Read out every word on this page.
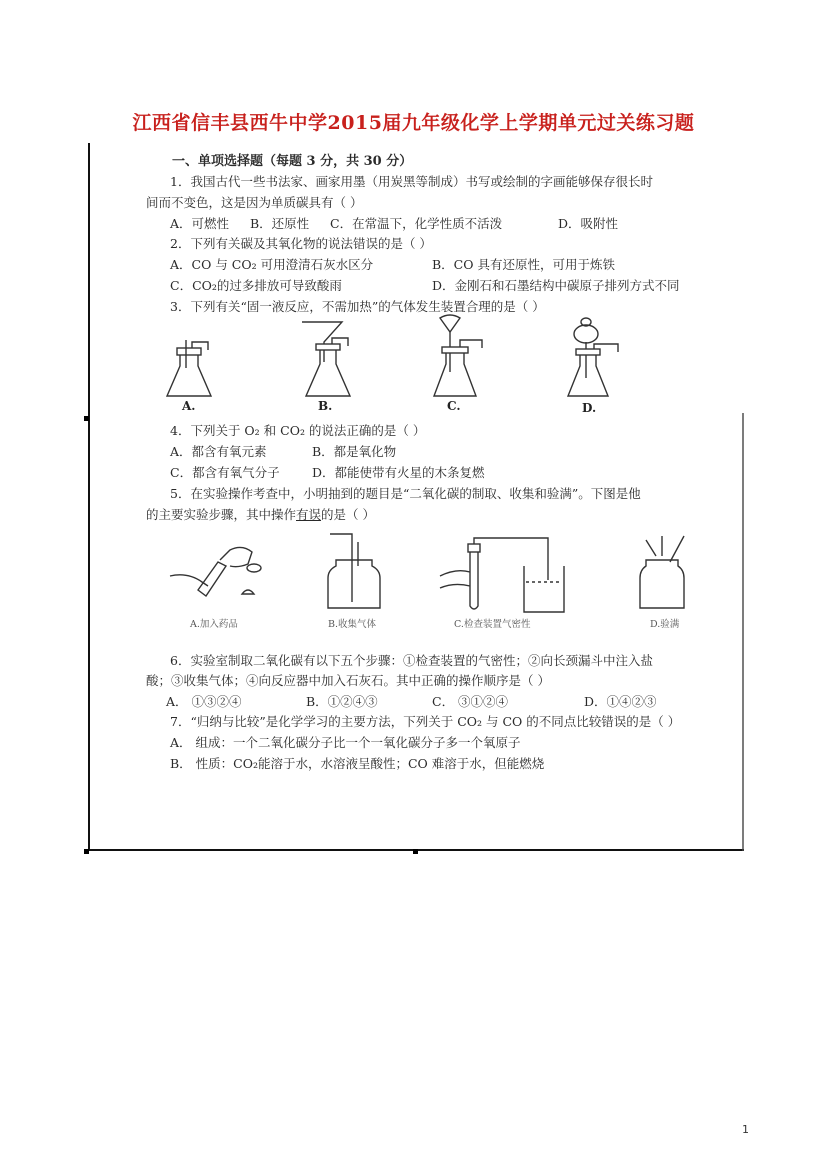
江西省信丰县西牛中学2015届九年级化学上学期单元过关练习题
一、单项选择题（每题 3 分，共 30 分）
1．我国古代一些书法家、画家用墨（用炭黑等制成）书写或绘制的字画能够保存很长时
间而不变色，这是因为单质碳具有（ ）
A．可燃性 B．还原性 C．在常温下，化学性质不活泼	D．吸附性
2．下列有关碳及其氧化物的说法错误的是（ ）
A．CO 与 CO₂ 可用澄清石灰水区分	B．CO 具有还原性，可用于炼铁
C．CO₂的过多排放可导致酸雨	D．金刚石和石墨结构中碳原子排列方式不同
3．下列有关“固一液反应，不需加热”的气体发生装置合理的是（ ）
A.	B.	C.	D.
4．下列关于 O₂ 和 CO₂ 的说法正确的是（ ）
A．都含有氧元素	B．都是氧化物
C．都含有氧气分子	D．都能使带有火星的木条复燃
5．在实验操作考查中，小明抽到的题目是“二氧化碳的制取、收集和验满”。下图是他
的主要实验步骤，其中操作有误的是（ ）
A.加入药品	B.收集气体	C.检查装置气密性	D.验满
6．实验室制取二氧化碳有以下五个步骤：①检查装置的气密性；②向长颈漏斗中注入盐
酸；③收集气体；④向反应器中加入石灰石。其中正确的操作顺序是（ ）
A． ①③②④	B．①②④③	C． ③①②④	D．①④②③
7．“归纳与比较”是化学学习的主要方法，下列关于 CO₂ 与 CO 的不同点比较错误的是（ ）
A． 组成：一个二氧化碳分子比一个一氧化碳分子多一个氧原子
B． 性质：CO₂能溶于水，水溶液呈酸性；CO 难溶于水，但能燃烧
1
